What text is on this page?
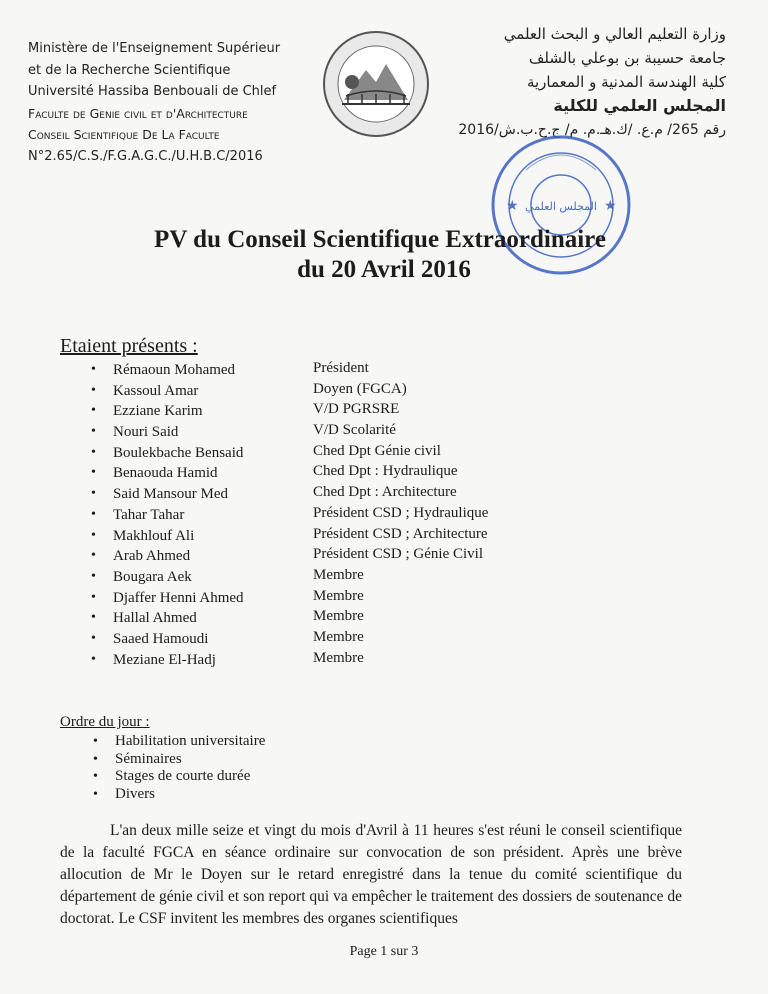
Ministère de l'Enseignement Supérieur
et de la Recherche Scientifique
Université Hassiba Benbouali de Chlef
Faculte de Genie civil et d'Architecture
Conseil Scientifique De La Faculte
N°2.65/C.S./F.G.A.G.C./U.H.B.C/2016
وزارة التعليم العالي و البحث العلمي
جامعة حسيبة بن بوعلي بالشلف
كلية الهندسة المدنية و المعمارية
المجلس العلمي للكلية
رقم 265/ م.ع. /ك.هـ.م. م/ ج.ح.ب.ش/2016
★	★
المجلس العلمي
PV du Conseil Scientifique Extraordinaire
du 20 Avril 2016
Etaient présents :
• Rémaoun Mohamed
• Kassoul Amar
• Ezziane Karim
• Nouri Said
• Boulekbache Bensaid
• Benaouda Hamid
• Said Mansour Med
• Tahar Tahar
• Makhlouf Ali
• Arab Ahmed
• Bougara Aek
• Djaffer Henni Ahmed
• Hallal Ahmed
• Saaed Hamoudi
• Meziane El-Hadj
Président
Doyen (FGCA)
V/D PGRSRE
V/D Scolarité
Ched Dpt Génie civil
Ched Dpt : Hydraulique
Ched Dpt : Architecture
Président CSD ; Hydraulique
Président CSD ; Architecture
Président CSD ; Génie Civil
Membre
Membre
Membre
Membre
Membre
Ordre du jour :
• Habilitation universitaire
• Séminaires
• Stages de courte durée
• Divers
L'an deux mille seize et vingt du mois d'Avril à 11 heures s'est réuni le conseil scientifique de la faculté FGCA en séance ordinaire sur convocation de son président. Après une brève allocution de Mr le Doyen sur le retard enregistré dans la tenue du comité scientifique du département de génie civil et son report qui va empêcher le traitement des dossiers de soutenance de doctorat. Le CSF invitent les membres des organes scientifiques
Page 1 sur 3
